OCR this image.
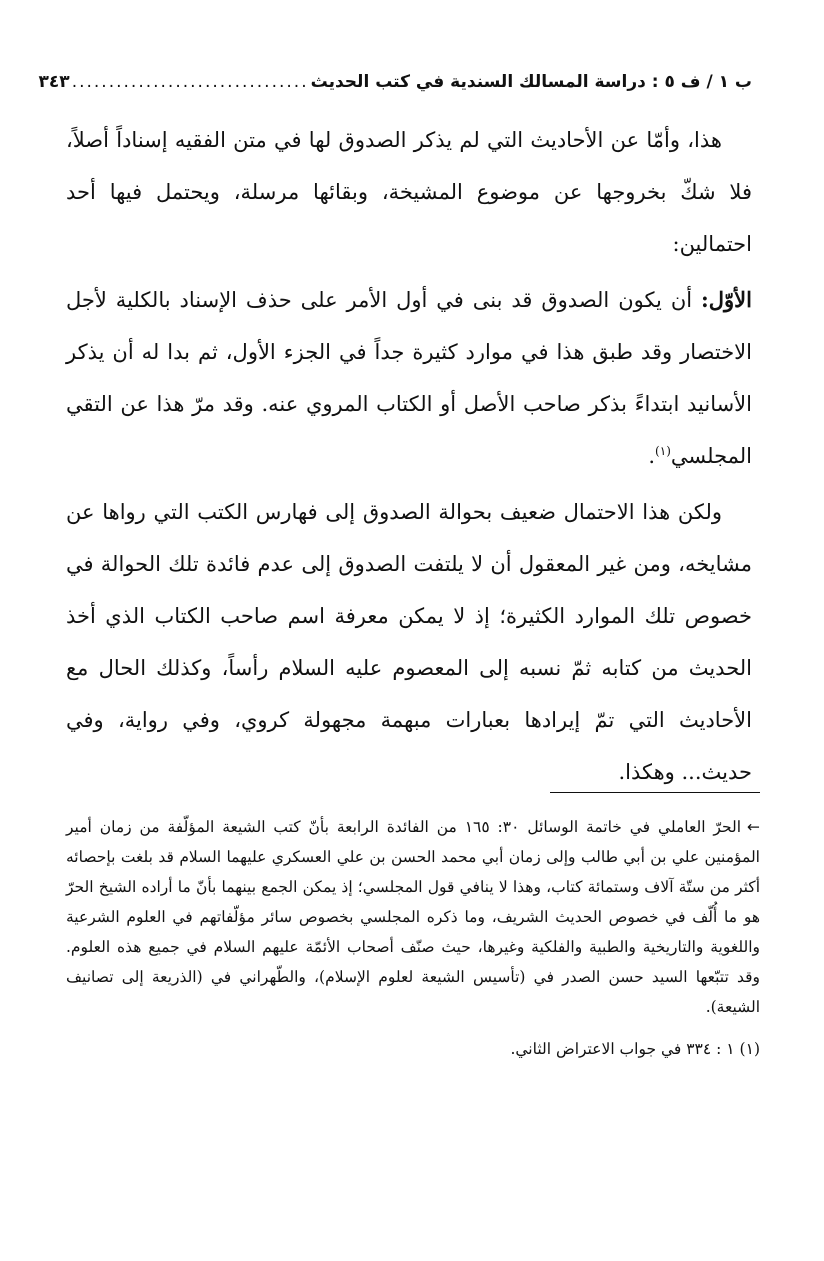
ب ١ / ف ٥ : دراسة المسالك السندية في كتب الحديث
................................
٣٤٣

هذا، وأمّا عن الأحاديث التي لم يذكر الصدوق لها في متن الفقيه إسناداً أصلاً، فلا شكّ بخروجها عن موضوع المشيخة، وبقائها مرسلة، ويحتمل فيها أحد احتمالين:

الأوّل: أن يكون الصدوق قد بنى في أول الأمر على حذف الإسناد بالكلية لأجل الاختصار وقد طبق هذا في موارد كثيرة جداً في الجزء الأول، ثم بدا له أن يذكر الأسانيد ابتداءً بذكر صاحب الأصل أو الكتاب المروي عنه. وقد مرّ هذا عن التقي المجلسي$^{(١)}$.

ولكن هذا الاحتمال ضعيف بحوالة الصدوق إلى فهارس الكتب التي رواها عن مشايخه، ومن غير المعقول أن لا يلتفت الصدوق إلى عدم فائدة تلك الحوالة في خصوص تلك الموارد الكثيرة؛ إذ لا يمكن معرفة اسم صاحب الكتاب الذي أخذ الحديث من كتابه ثمّ نسبه إلى المعصوم عليه السلام رأساً، وكذلك الحال مع الأحاديث التي تمّ إيرادها بعبارات مبهمة مجهولة كروي، وفي رواية، وفي حديث... وهكذا.

←الحرّ العاملي في خاتمة الوسائل ٣٠: ١٦٥ من الفائدة الرابعة بأنّ كتب الشيعة المؤلّفة من زمان أمير المؤمنين علي بن أبي طالب وإلى زمان أبي محمد الحسن بن علي العسكري عليهما السلام قد بلغت بإحصائه أكثر من ستّة آلاف وستمائة كتاب، وهذا لا ينافي قول المجلسي؛ إذ يمكن الجمع بينهما بأنّ ما أراده الشيخ الحرّ هو ما أُلّف في خصوص الحديث الشريف، وما ذكره المجلسي بخصوص سائر مؤلّفاتهم في العلوم الشرعية واللغوية والتاريخية والطبية والفلكية وغيرها، حيث صنّف أصحاب الأئمّة عليهم السلام في جميع هذه العلوم. وقد تتبّعها السيد حسن الصدر في (تأسيس الشيعة لعلوم الإسلام)، والطّهراني في (الذريعة إلى تصانيف الشيعة).

(١) ١ : ٣٣٤ في جواب الاعتراض الثاني.
